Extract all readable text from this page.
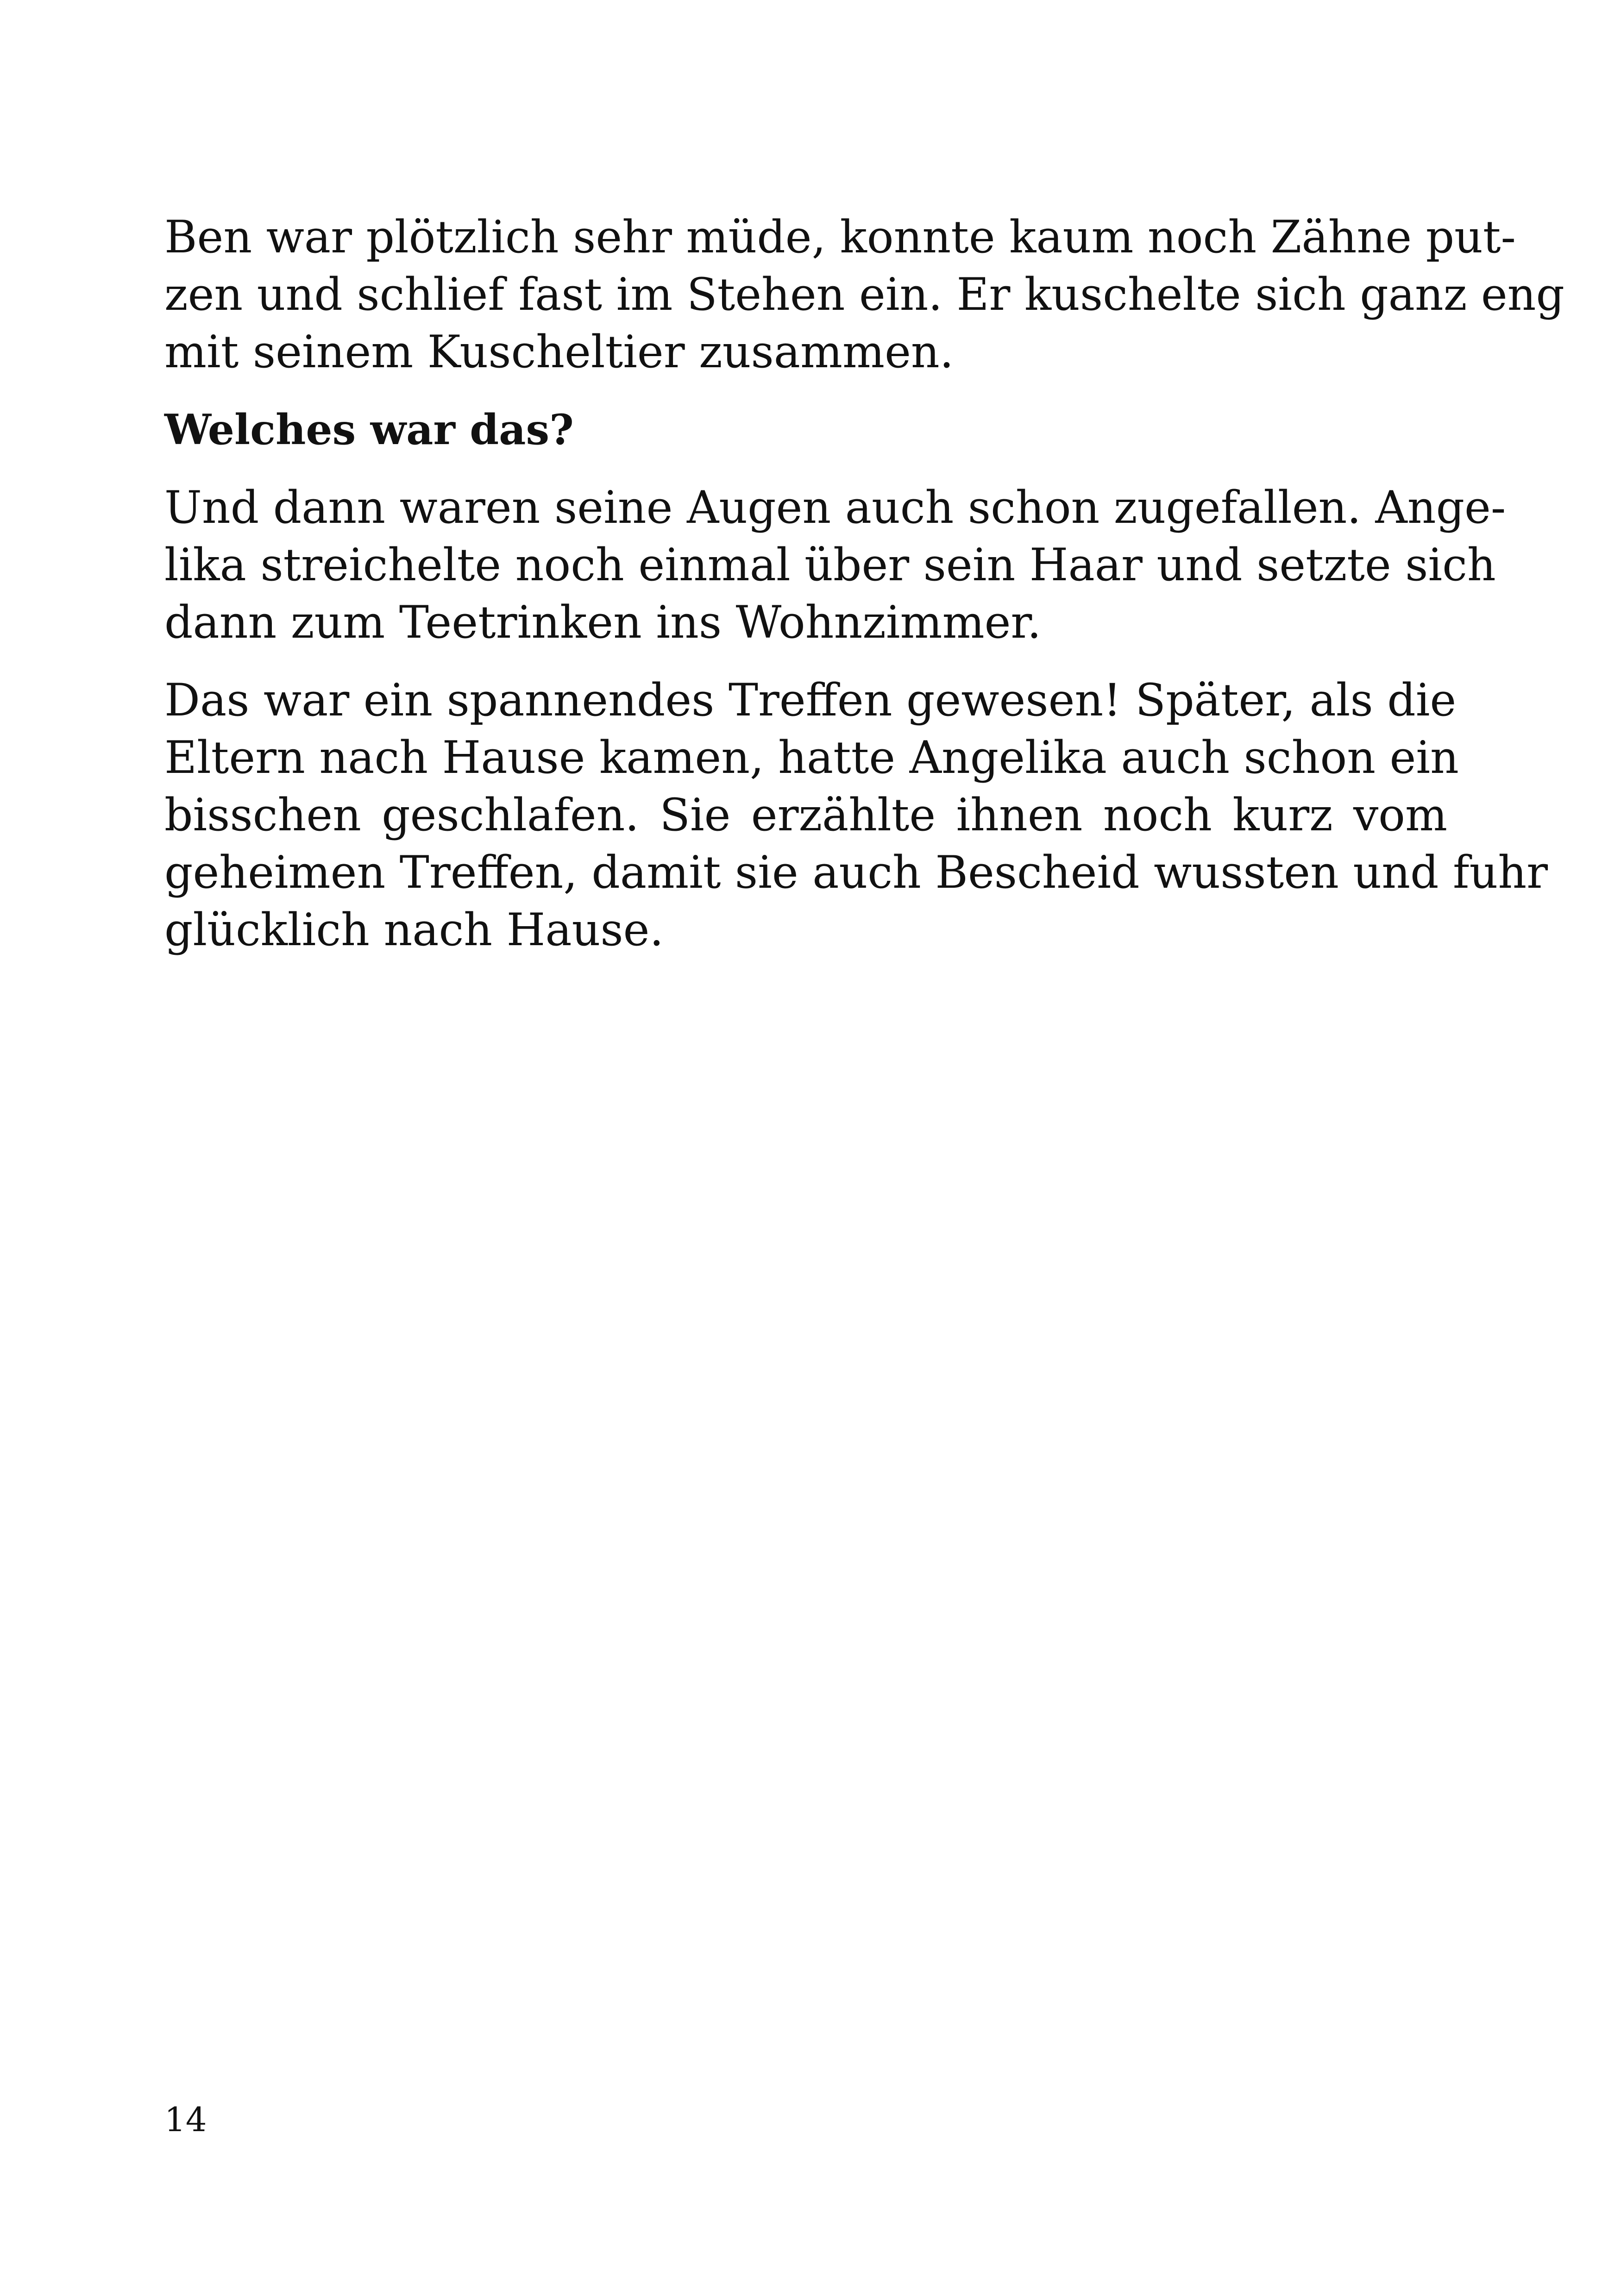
Ben war plötzlich sehr müde, konnte kaum noch Zähne put-
zen und schlief fast im Stehen ein. Er kuschelte sich ganz eng
mit seinem Kuscheltier zusammen.
Welches war das?
Und dann waren seine Augen auch schon zugefallen. Ange-
lika streichelte noch einmal über sein Haar und setzte sich
dann zum Teetrinken ins Wohnzimmer.
Das war ein spannendes Treffen gewesen! Später, als die
Eltern nach Hause kamen, hatte Angelika auch schon ein
bisschen geschlafen. Sie erzählte ihnen noch kurz vom
geheimen Treffen, damit sie auch Bescheid wussten und fuhr
glücklich nach Hause.
14
